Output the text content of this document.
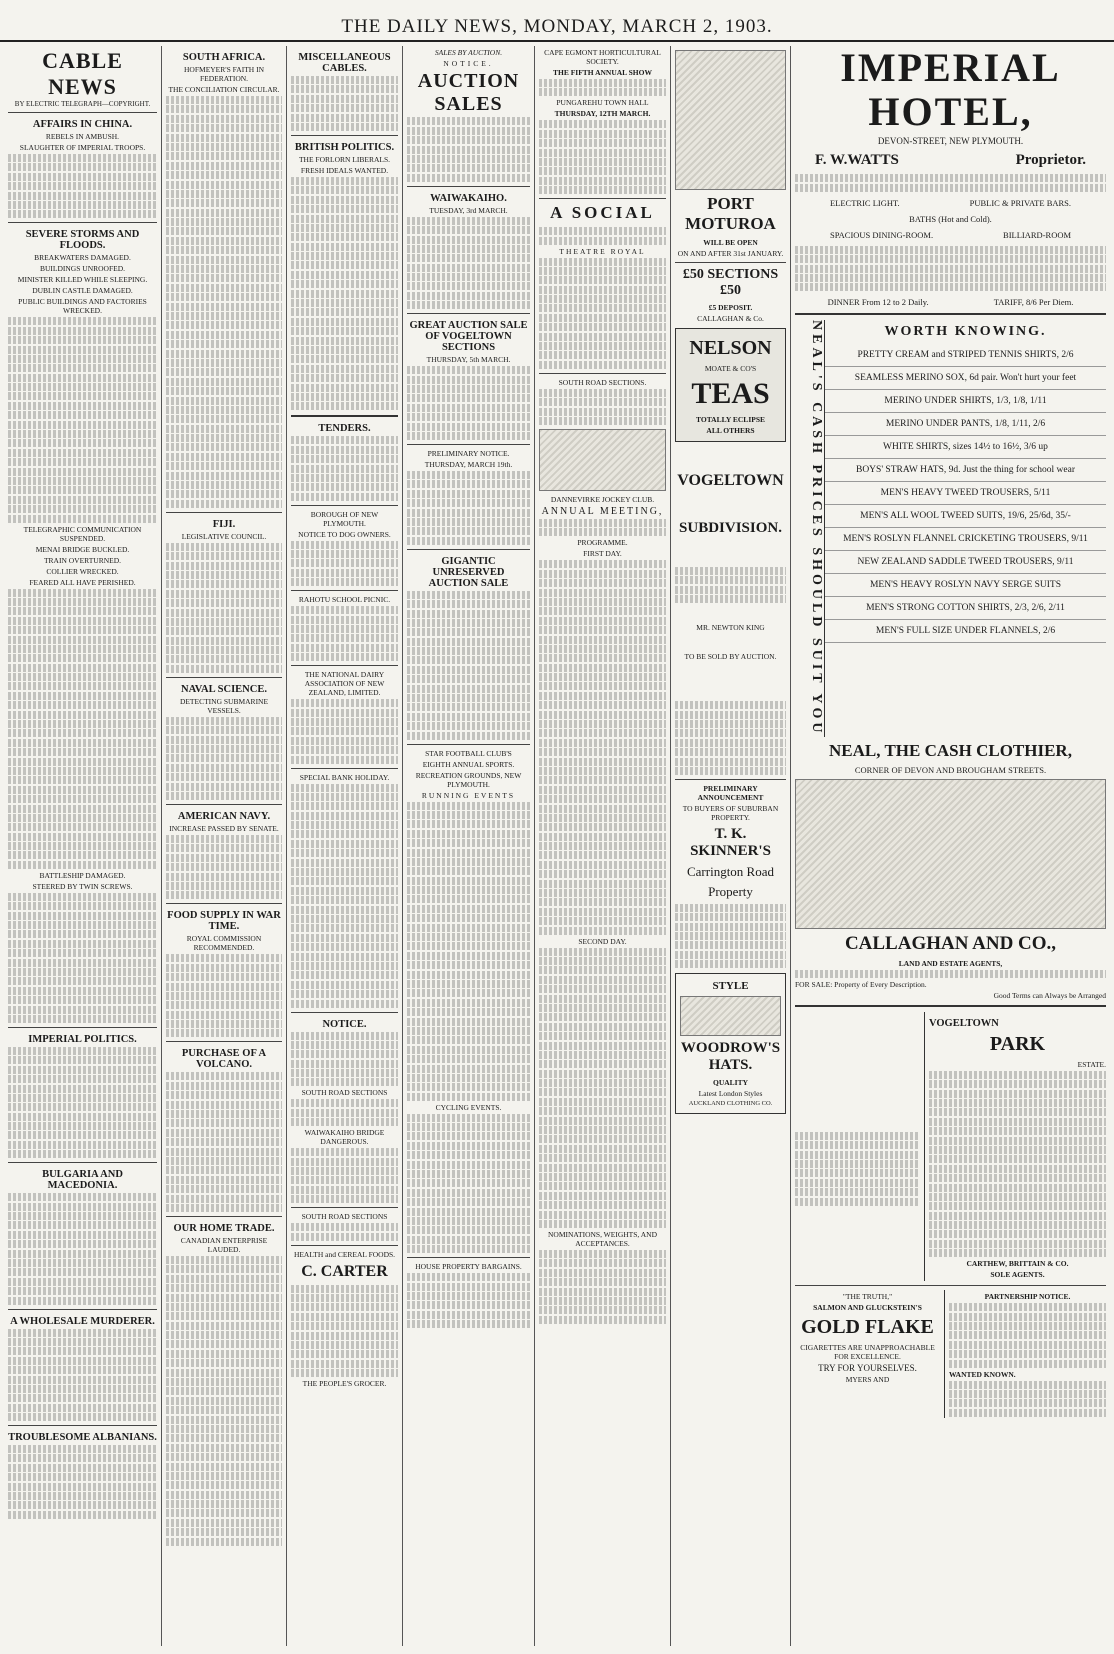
THE DAILY NEWS, MONDAY, MARCH 2, 1903.
CABLE NEWS
BY ELECTRIC TELEGRAPH—COPYRIGHT.
AFFAIRS IN CHINA.
REBELS IN AMBUSH.
SLAUGHTER OF IMPERIAL TROOPS.
SEVERE STORMS AND FLOODS.
BREAKWATERS DAMAGED.
BUILDINGS UNROOFED.
MINISTER KILLED WHILE SLEEPING.
DUBLIN CASTLE DAMAGED.
PUBLIC BUILDINGS AND FACTORIES WRECKED.
TELEGRAPHIC COMMUNICATION SUSPENDED.
MENAI BRIDGE BUCKLED.
TRAIN OVERTURNED.
COLLIER WRECKED.
FEARED ALL HAVE PERISHED.
BATTLESHIP DAMAGED.
STEERED BY TWIN SCREWS.
IMPERIAL POLITICS.
BULGARIA AND MACEDONIA.
A WHOLESALE MURDERER.
TROUBLESOME ALBANIANS.
SOUTH AFRICA.
HOFMEYER'S FAITH IN FEDERATION.
THE CONCILIATION CIRCULAR.
FIJI.
LEGISLATIVE COUNCIL.
NAVAL SCIENCE.
DETECTING SUBMARINE VESSELS.
AMERICAN NAVY.
INCREASE PASSED BY SENATE.
FOOD SUPPLY IN WAR TIME.
ROYAL COMMISSION RECOMMENDED.
PURCHASE OF A VOLCANO.
OUR HOME TRADE.
CANADIAN ENTERPRISE LAUDED.
MISCELLANEOUS CABLES.
BRITISH POLITICS.
THE FORLORN LIBERALS.
FRESH IDEALS WANTED.
TENDERS.
BOROUGH OF NEW PLYMOUTH.
NOTICE TO DOG OWNERS.
RAHOTU SCHOOL PICNIC.
THE NATIONAL DAIRY ASSOCIATION OF NEW ZEALAND, LIMITED.
SPECIAL BANK HOLIDAY.
NOTICE.
SOUTH ROAD SECTIONS
WAIWAKAIHO BRIDGE DANGEROUS.
SOUTH ROAD SECTIONS
HEALTH and CEREAL FOODS.
C. CARTER
THE PEOPLE'S GROCER.
SALES BY AUCTION.
NOTICE.
AUCTION SALES
WAIWAKAIHO.
TUESDAY, 3rd MARCH.
GREAT AUCTION SALE OF VOGELTOWN SECTIONS
THURSDAY, 5th MARCH.
PRELIMINARY NOTICE.
THURSDAY, MARCH 19th.
GIGANTIC UNRESERVED AUCTION SALE
STAR FOOTBALL CLUB'S
EIGHTH ANNUAL SPORTS.
RECREATION GROUNDS, NEW PLYMOUTH.
RUNNING EVENTS
CYCLING EVENTS.
HOUSE PROPERTY BARGAINS.
CAPE EGMONT HORTICULTURAL SOCIETY.
THE FIFTH ANNUAL SHOW
PUNGAREHU TOWN HALL
THURSDAY, 12TH MARCH.
A SOCIAL
THEATRE ROYAL
SOUTH ROAD SECTIONS.
DANNEVIRKE JOCKEY CLUB.
ANNUAL MEETING,
PROGRAMME.
FIRST DAY.
SECOND DAY.
NOMINATIONS, WEIGHTS, AND ACCEPTANCES.
PORT MOTUROA
WILL BE OPEN
ON AND AFTER 31st JANUARY.
£50 SECTIONS £50
£5 DEPOSIT.
CALLAGHAN & Co.
NELSON
MOATE & CO'S
TEAS
TOTALLY ECLIPSE
ALL OTHERS
VOGELTOWN
SUBDIVISION.
MR. NEWTON KING
TO BE SOLD BY AUCTION.
PRELIMINARY ANNOUNCEMENT
TO BUYERS OF SUBURBAN PROPERTY.
T. K. SKINNER'S
Carrington Road
Property
STYLE
WOODROW'S HATS.
QUALITY
Latest London Styles
AUCKLAND CLOTHING CO.
IMPERIAL HOTEL,
DEVON-STREET, NEW PLYMOUTH.
F. W.WATTS	Proprietor.
ELECTRIC LIGHT.	PUBLIC & PRIVATE BARS.
BATHS (Hot and Cold).
SPACIOUS DINING-ROOM.	BILLIARD-ROOM
DINNER From 12 to 2 Daily.	TARIFF, 8/6 Per Diem.
NEAL'S CASH PRICES SHOULD SUIT YOU	WORTH KNOWING.
PRETTY CREAM and STRIPED TENNIS SHIRTS, 2/6
SEAMLESS MERINO SOX, 6d pair. Won't hurt your feet
MERINO UNDER SHIRTS, 1/3, 1/8, 1/11
MERINO UNDER PANTS, 1/8, 1/11, 2/6
WHITE SHIRTS, sizes 14½ to 16½, 3/6 up
BOYS' STRAW HATS, 9d. Just the thing for school wear
MEN'S HEAVY TWEED TROUSERS, 5/11
MEN'S ALL WOOL TWEED SUITS, 19/6, 25/6d, 35/-
MEN'S ROSLYN FLANNEL CRICKETING TROUSERS, 9/11
NEW ZEALAND SADDLE TWEED TROUSERS, 9/11
MEN'S HEAVY ROSLYN NAVY SERGE SUITS
MEN'S STRONG COTTON SHIRTS, 2/3, 2/6, 2/11
MEN'S FULL SIZE UNDER FLANNELS, 2/6
NEAL, THE CASH CLOTHIER,
CORNER OF DEVON AND BROUGHAM STREETS.
CALLAGHAN AND CO.,
LAND AND ESTATE AGENTS,
FOR SALE: Property of Every Description.
Good Terms can Always be Arranged
VOGELTOWN
PARK
ESTATE.
CARTHEW, BRITTAIN & CO.
SOLE AGENTS.
"THE TRUTH,"
SALMON AND GLUCKSTEIN'S
GOLD FLAKE
CIGARETTES ARE UNAPPROACHABLE FOR EXCELLENCE.
TRY FOR YOURSELVES.
MYERS AND
PARTNERSHIP NOTICE.
WANTED KNOWN.
